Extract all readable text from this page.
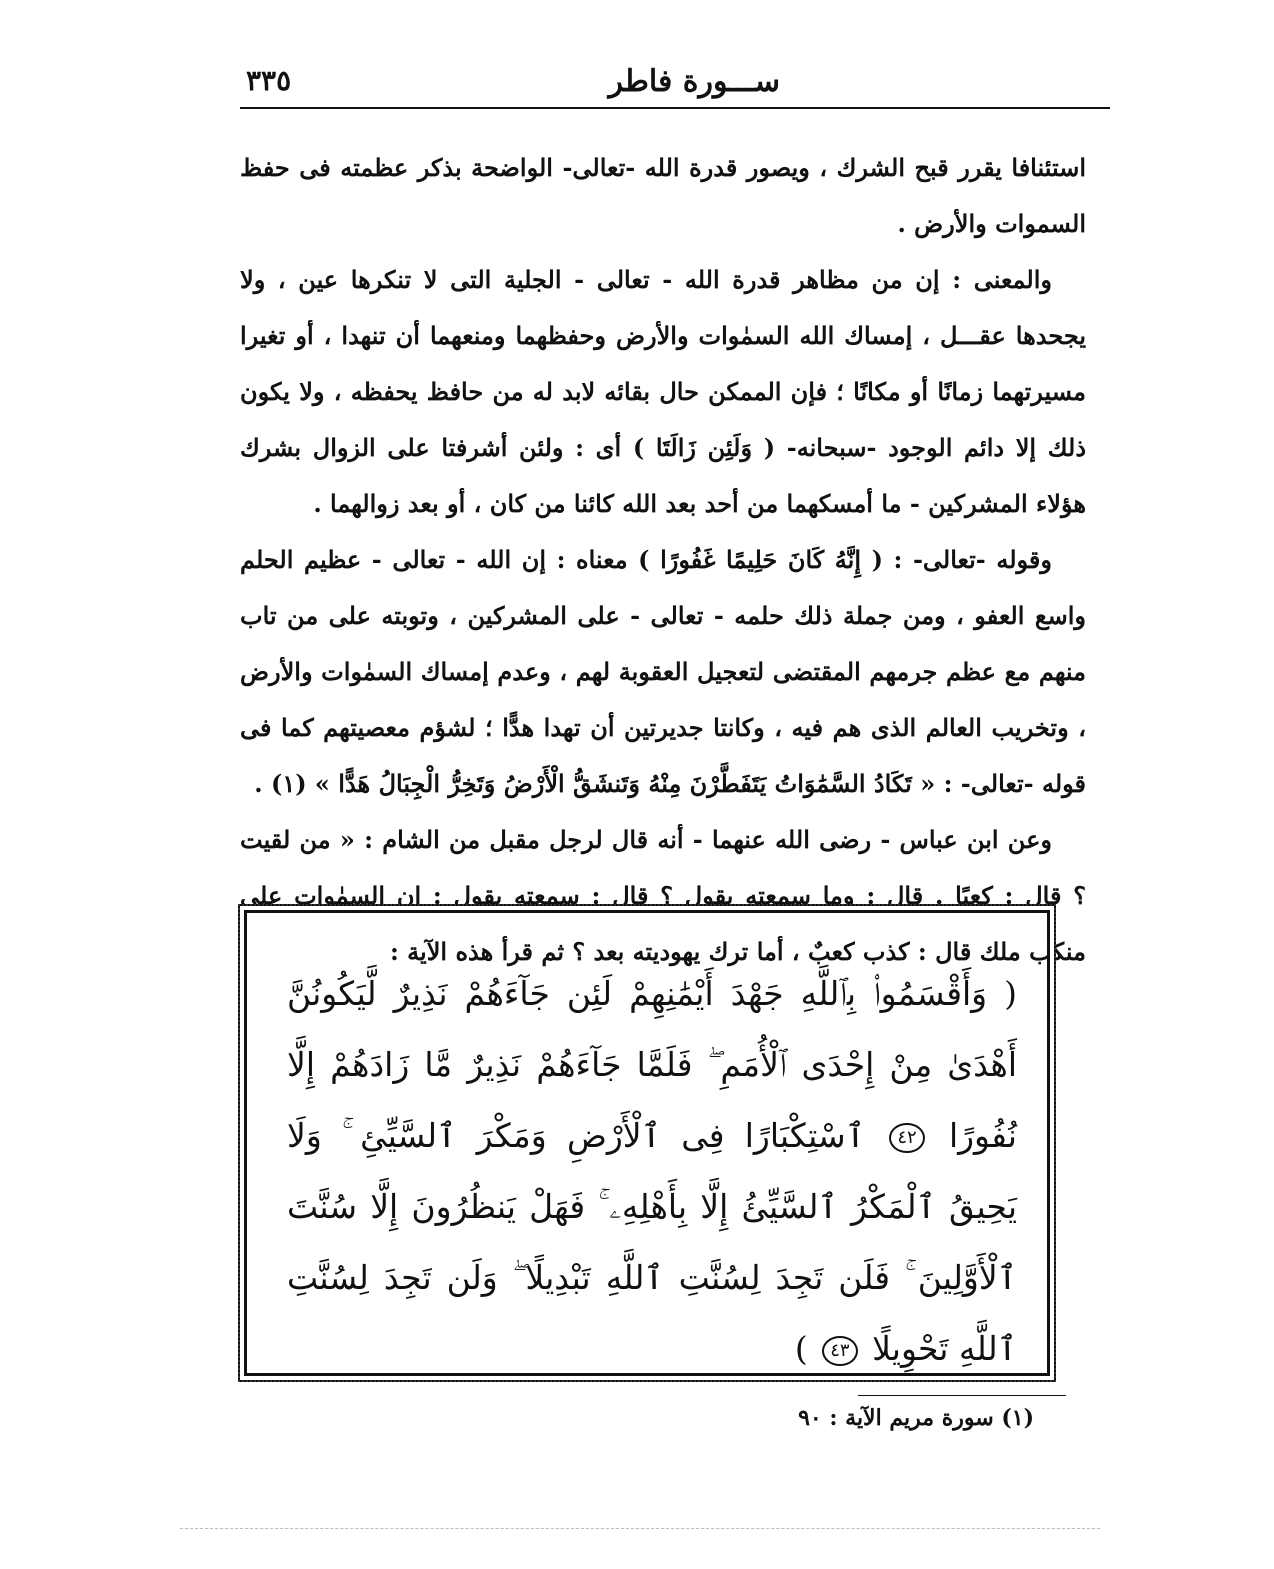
ســـورة فاطر
٣٣٥

استئنافا يقرر قبح الشرك ، ويصور قدرة الله -تعالى- الواضحة بذكر عظمته فى حفظ السموات والأرض .

والمعنى : إن من مظاهر قدرة الله - تعالى - الجلية التى لا تنكرها عين ، ولا يجحدها عقـــل ، إمساك الله السمٰوات والأرض وحفظهما ومنعهما أن تنهدا ، أو تغيرا مسيرتهما زمانًا أو مكانًا ؛ فإن الممكن حال بقائه لابد له من حافظ يحفظه ، ولا يكون ذلك إلا دائم الوجود -سبحانه- ( وَلَئِن زَالَتَا ) أى : ولئن أشرفتا على الزوال بشرك هؤلاء المشركين - ما أمسكهما من أحد بعد الله كائنا من كان ، أو بعد زوالهما .

وقوله -تعالى- : ( إِنَّهُ كَانَ حَلِيمًا غَفُورًا ) معناه : إن الله - تعالى - عظيم الحلم واسع العفو ، ومن جملة ذلك حلمه - تعالى - على المشركين ، وتوبته على من تاب منهم مع عظم جرمهم المقتضى لتعجيل العقوبة لهم ، وعدم إمساك السمٰوات والأرض ، وتخريب العالم الذى هم فيه ، وكانتا جديرتين أن تهدا هدًّا ؛ لشؤم معصيتهم كما فى قوله -تعالى- : « تَكَادُ السَّمَٰوَاتُ يَتَفَطَّرْنَ مِنْهُ وَتَنشَقُّ الْأَرْضُ وَتَخِرُّ الْجِبَالُ هَدًّا » (١) .

وعن ابن عباس - رضى الله عنهما - أنه قال لرجل مقبل من الشام : « من لقيت ؟ قال : كعبًا . قال : وما سمعته يقول ؟ قال : سمعته يقول : إن السمٰوات على منكب ملك قال : كذب كعبٌ ، أما ترك يهوديته بعد ؟ ثم قرأ هذه الآية :

( وَأَقْسَمُوا۟ بِٱللَّهِ جَهْدَ أَيْمَٰنِهِمْ لَئِن جَآءَهُمْ نَذِيرٌ لَّيَكُونُنَّ أَهْدَىٰ مِنْ إِحْدَى ٱلْأُمَمِ ۖ فَلَمَّا جَآءَهُمْ نَذِيرٌ مَّا زَادَهُمْ إِلَّا نُفُورًا ٤٢ ٱسْتِكْبَارًا فِى ٱلْأَرْضِ وَمَكْرَ ٱلسَّيِّئِ ۚ وَلَا يَحِيقُ ٱلْمَكْرُ ٱلسَّيِّئُ إِلَّا بِأَهْلِهِۦ ۚ فَهَلْ يَنظُرُونَ إِلَّا سُنَّتَ ٱلْأَوَّلِينَ ۚ فَلَن تَجِدَ لِسُنَّتِ ٱللَّهِ تَبْدِيلًا ۖ وَلَن تَجِدَ لِسُنَّتِ ٱللَّهِ تَحْوِيلًا ٤٣ )
(١) سورة مريم الآية : ٩٠
